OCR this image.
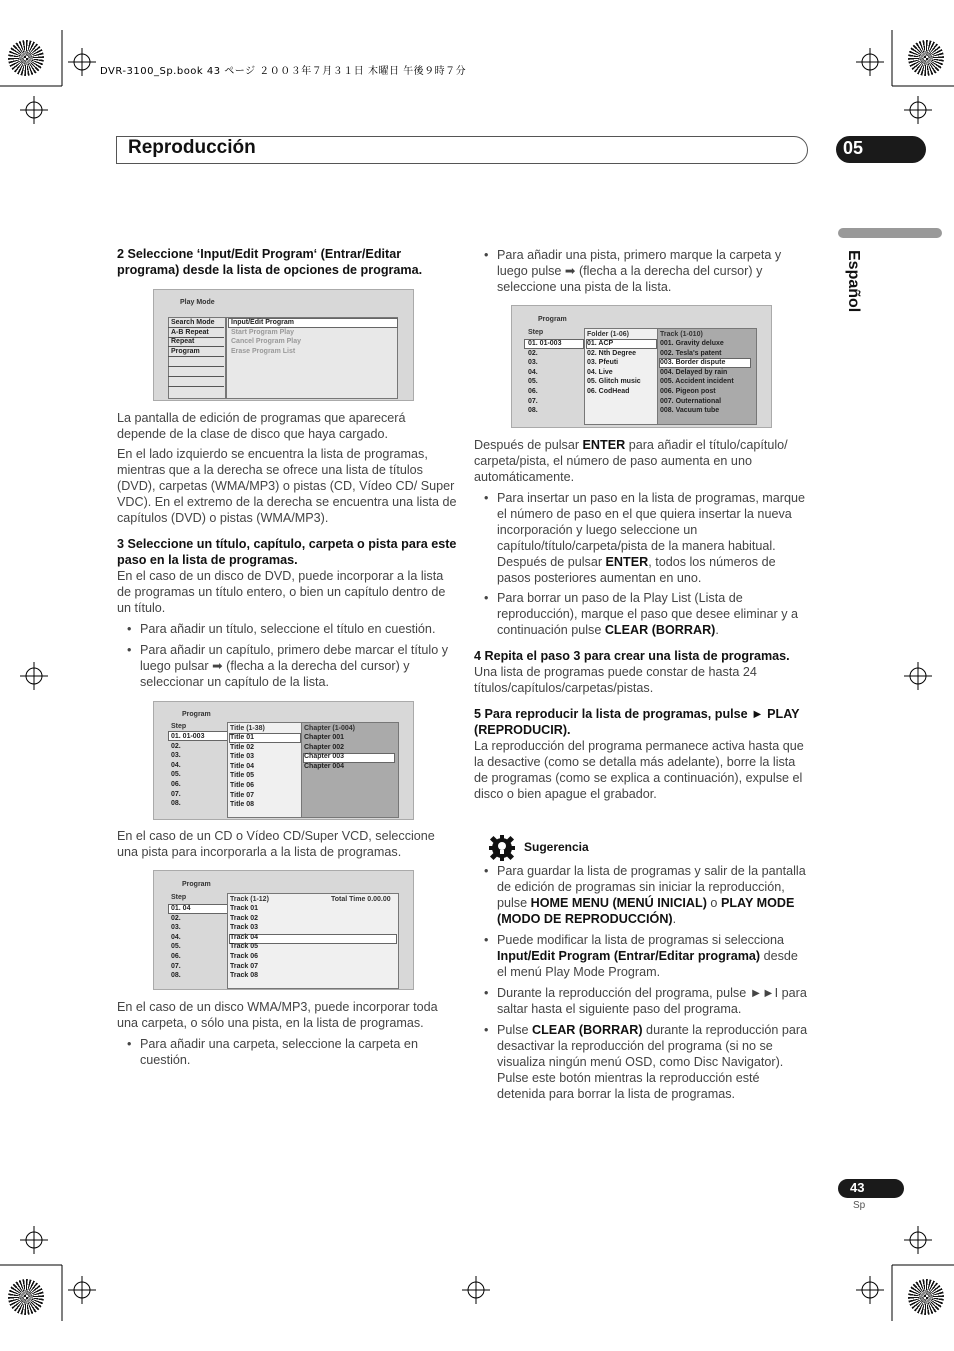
DVR-3100_Sp.book 43 ページ ２００３年７月３１日 木曜日 午後９時７分
Reproducción	05
Español

2 Seleccione ‘Input/Edit Program‘ (Entrar/Editar programa) desde la lista de opciones de programa.

Play Mode
Search Mode
A-B Repeat
Repeat
Program
Input/Edit Program
Start Program Play
Cancel Program Play
Erase Program List

La pantalla de edición de programas que aparecerá depende de la clase de disco que haya cargado.

En el lado izquierdo se encuentra la lista de programas, mientras que a la derecha se ofrece una lista de títulos (DVD), carpetas (WMA/MP3) o pistas (CD, Vídeo CD/ Super VDC). En el extremo de la derecha se encuentra una lista de capítulos (DVD) o pistas (WMA/MP3).

3 Seleccione un título, capítulo, carpeta o pista para este paso en la lista de programas.

En el caso de un disco de DVD, puede incorporar a la lista de programas un título entero, o bien un capítulo dentro de un título.

• Para añadir un título, seleccione el título en cuestión.

• Para añadir un capítulo, primero debe marcar el título y luego pulsar ➡ (flecha a la derecha del cursor) y seleccionar un capítulo de la lista.

Program
Step
01. 01-003
02.
03.
04.
05.
06.
07.
08.
Title (1-38)
Title 01
Title 02
Title 03
Title 04
Title 05
Title 06
Title 07
Title 08
Chapter (1-004)
Chapter 001
Chapter 002
Chapter 003
Chapter 004

En el caso de un CD o Vídeo CD/Super VCD, seleccione una pista para incorporarla a la lista de programas.

Program
Step
01. 04
02.
03.
04.
05.
06.
07.
08.
Track (1-12)	Total Time 0.00.00
Track 01
Track 02
Track 03
Track 04
Track 05
Track 06
Track 07
Track 08

En el caso de un disco WMA/MP3, puede incorporar toda una carpeta, o sólo una pista, en la lista de programas.

• Para añadir una carpeta, seleccione la carpeta en cuestión.

• Para añadir una pista, primero marque la carpeta y luego pulse ➡ (flecha a la derecha del cursor) y seleccione una pista de la lista.

Program
Step
01. 01-003
02.
03.
04.
05.
06.
07.
08.
Folder (1-06)
01. ACP
02. Nth Degree
03. Pfeuti
04. Live
05. Glitch music
06. CodHead
Track (1-010)
001. Gravity deluxe
002. Tesla's patent
003. Border dispute
004. Delayed by rain
005. Accident incident
006. Pigeon post
007. Outernational
008. Vacuum tube

Después de pulsar ENTER para añadir el título/capítulo/ carpeta/pista, el número de paso aumenta en uno automáticamente.

• Para insertar un paso en la lista de programas, marque el número de paso en el que quiera insertar la nueva incorporación y luego seleccione un capítulo/título/carpeta/pista de la manera habitual. Después de pulsar ENTER, todos los números de pasos posteriores aumentan en uno.

• Para borrar un paso de la Play List (Lista de reproducción), marque el paso que desee eliminar y a continuación pulse CLEAR (BORRAR).

4 Repita el paso 3 para crear una lista de programas.

Una lista de programas puede constar de hasta 24 títulos/capítulos/carpetas/pistas.

5 Para reproducir la lista de programas, pulse ► PLAY (REPRODUCIR).

La reproducción del programa permanece activa hasta que la desactive (como se detalla más adelante), borre la lista de programas (como se explica a continuación), expulse el disco o bien apague el grabador.

Sugerencia

• Para guardar la lista de programas y salir de la pantalla de edición de programas sin iniciar la reproducción, pulse HOME MENU (MENÚ INICIAL) o PLAY MODE (MODO DE REPRODUCCIÓN).

• Puede modificar la lista de programas si selecciona Input/Edit Program (Entrar/Editar programa) desde el menú Play Mode Program.

• Durante la reproducción del programa, pulse ►►I para saltar hasta el siguiente paso del programa.

• Pulse CLEAR (BORRAR) durante la reproducción para desactivar la reproducción del programa (si no se visualiza ningún menú OSD, como Disc Navigator). Pulse este botón mientras la reproducción esté detenida para borrar la lista de programas.

43
Sp
